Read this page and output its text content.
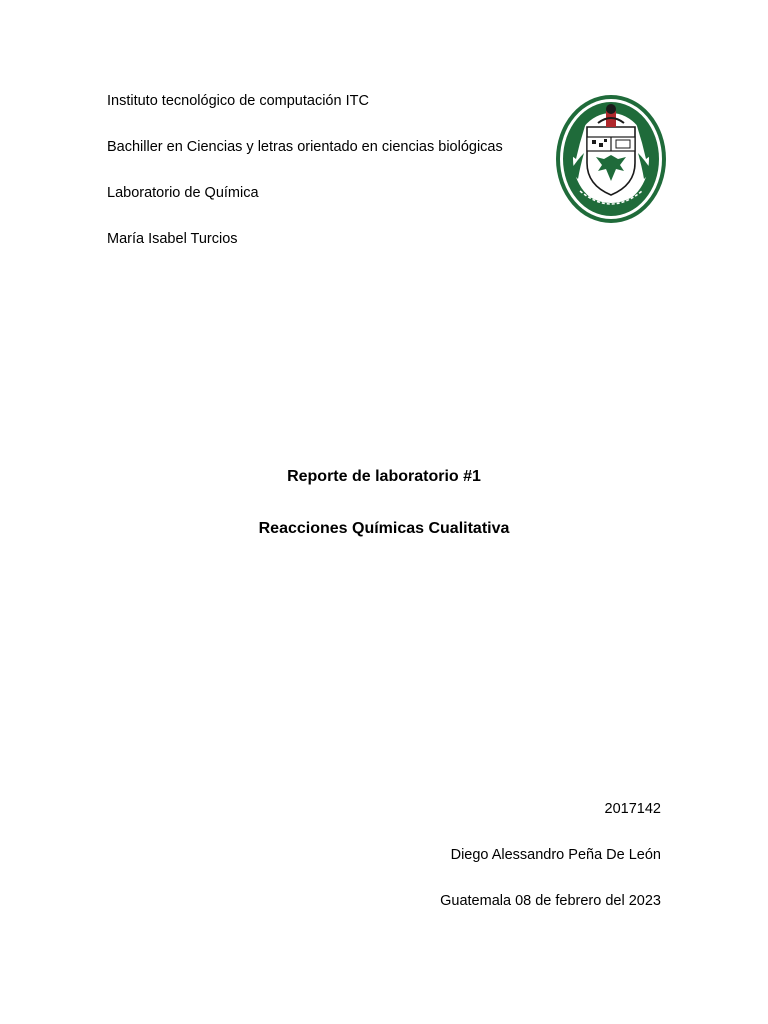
Instituto tecnológico de computación ITC
Bachiller en Ciencias y letras orientado en ciencias biológicas
Laboratorio de Química
María Isabel Turcios
Reporte de laboratorio #1
Reacciones Químicas Cualitativa
2017142
Diego Alessandro Peña De León
Guatemala 08 de febrero del 2023
